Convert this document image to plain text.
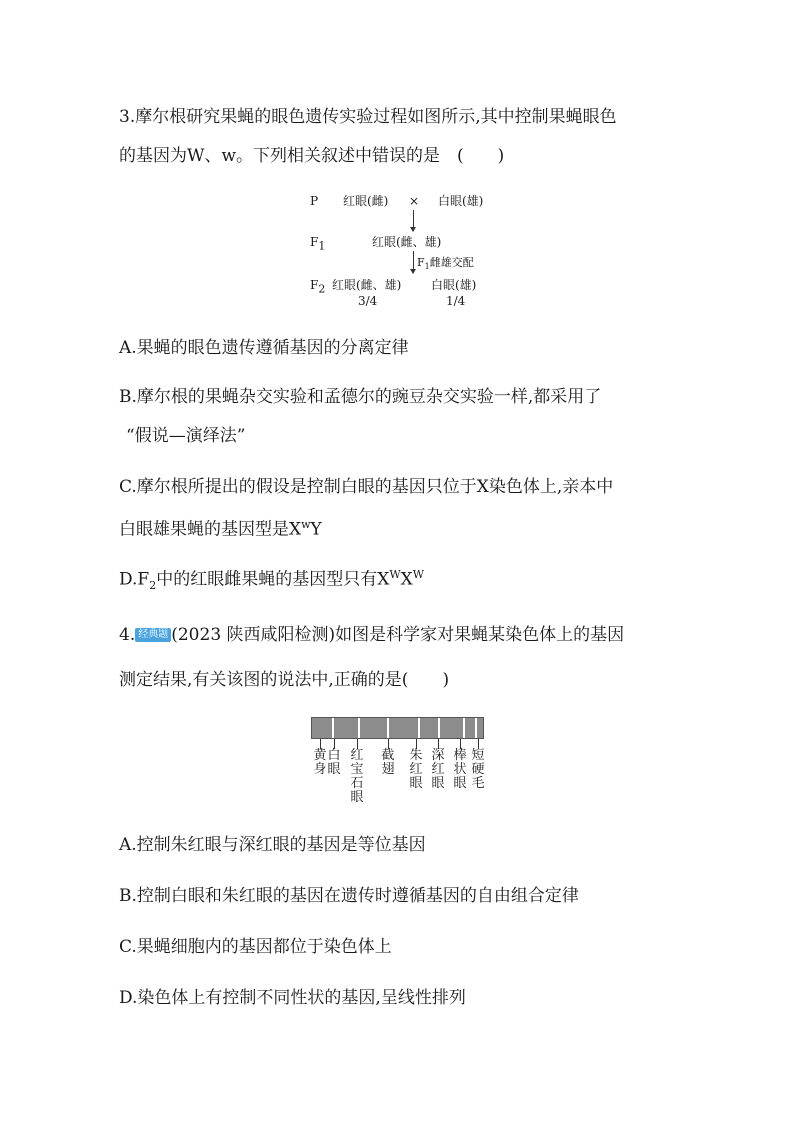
3.摩尔根研究果蝇的眼色遗传实验过程如图所示,其中控制果蝇眼色
的基因为W、w。下列相关叙述中错误的是　(　　)
P 红眼(雌) × 白眼(雄)
$F_1$	红眼(雌、雄)
$F_1$雌雄交配
$F_2$ 红眼(雌、雄)
3/4
白眼(雄)
1/4
A.果蝇的眼色遗传遵循基因的分离定律
B.摩尔根的果蝇杂交实验和孟德尔的豌豆杂交实验一样,都采用了
“假说—演绎法”
C.摩尔根所提出的假设是控制白眼的基因只位于X染色体上,亲本中
白眼雄果蝇的基因型是$X^wY$
$D.F_2$中的红眼雌果蝇的基因型只有$X^WX^W$
4. 经典题 (2023 陕西咸阳检测)如图是科学家对果蝇某染色体上的基因
测定结果,有关该图的说法中,正确的是(　　)
黄身
白眼
红宝石眼
截翅
朱红眼
深红眼
棒状眼
短硬毛
A.控制朱红眼与深红眼的基因是等位基因
B.控制白眼和朱红眼的基因在遗传时遵循基因的自由组合定律
C.果蝇细胞内的基因都位于染色体上
D.染色体上有控制不同性状的基因,呈线性排列
